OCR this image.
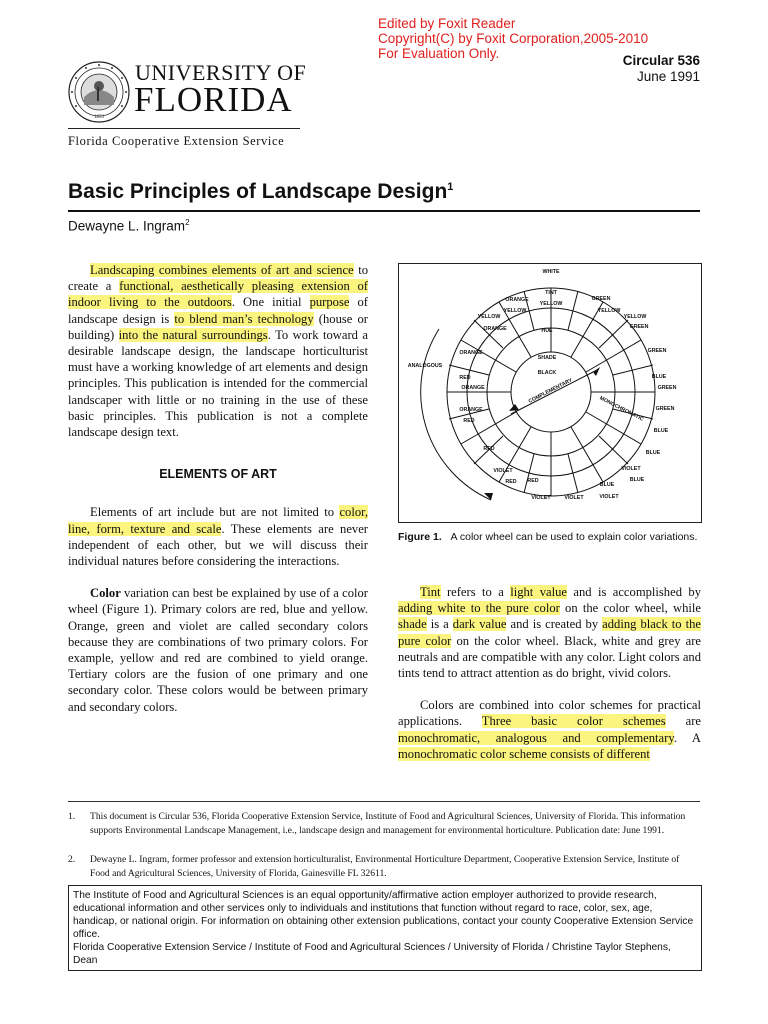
Edited by Foxit Reader
Copyright(C) by Foxit Corporation,2005-2010
For Evaluation Only.	Circular 536
June 1991
1853
UNIVERSITY OF
FLORIDA
Florida Cooperative Extension Service
Basic Principles of Landscape Design$^1$
Dewayne L. Ingram$^2$

Landscaping combines elements of art and science to create a functional, aesthetically pleasing extension of indoor living to the outdoors. One initial purpose of landscape design is to blend man’s technology (house or building) into the natural surroundings. To work toward a desirable landscape design, the landscape horticulturist must have a working knowledge of art elements and design principles. This publication is intended for the commercial landscaper with little or no training in the use of these basic principles. This publication is not a complete landscape design text.

ELEMENTS OF ART

Elements of art include but are not limited to color, line, form, texture and scale. These elements are never independent of each other, but we will discuss their individual natures before considering the interactions.

Color variation can best be explained by use of a color wheel (Figure 1). Primary colors are red, blue and yellow. Orange, green and violet are called secondary colors because they are combinations of two primary colors. For example, yellow and red are combined to yield orange. Tertiary colors are the fusion of one primary and one secondary color. These colors would be between primary and secondary colors.

WHITE
TINT
YELLOW
HUE
SHADE
BLACK
ORANGE
YELLOW
YELLOW
ORANGE
ORANGE
RED
ORANGE
ORANGE
RED
RED
VIOLET
RED RED
VIOLET	VIOLET	VIOLET
BLUE
BLUE
VIOLET
BLUE
BLUE
GREEN
GREEN
BLUE
GREEN
GREEN
YELLOW
YELLOW
GREEN
ANALOGOUS
COMPLEMENTARY
MONOCHROMATIC
Figure 1. A color wheel can be used to explain color variations.

Tint refers to a light value and is accomplished by adding white to the pure color on the color wheel, while shade is a dark value and is created by adding black to the pure color on the color wheel. Black, white and grey are neutrals and are compatible with any color. Light colors and tints tend to attract attention as do bright, vivid colors.

Colors are combined into color schemes for practical applications. Three basic color schemes are monochromatic, analogous and complementary. A monochromatic color scheme consists of different

1. This document is Circular 536, Florida Cooperative Extension Service, Institute of Food and Agricultural Sciences, University of Florida. This information supports Environmental Landscape Management, i.e., landscape design and management for environmental horticulture. Publication date: June 1991.
2. Dewayne L. Ingram, former professor and extension horticulturalist, Environmental Horticulture Department, Cooperative Extension Service, Institute of Food and Agricultural Sciences, University of Florida, Gainesville FL 32611.
The Institute of Food and Agricultural Sciences is an equal opportunity/affirmative action employer authorized to provide research, educational information and other services only to individuals and institutions that function without regard to race, color, sex, age, handicap, or national origin. For information on obtaining other extension publications, contact your county Cooperative Extension Service office.
Florida Cooperative Extension Service / Institute of Food and Agricultural Sciences / University of Florida / Christine Taylor Stephens, Dean
